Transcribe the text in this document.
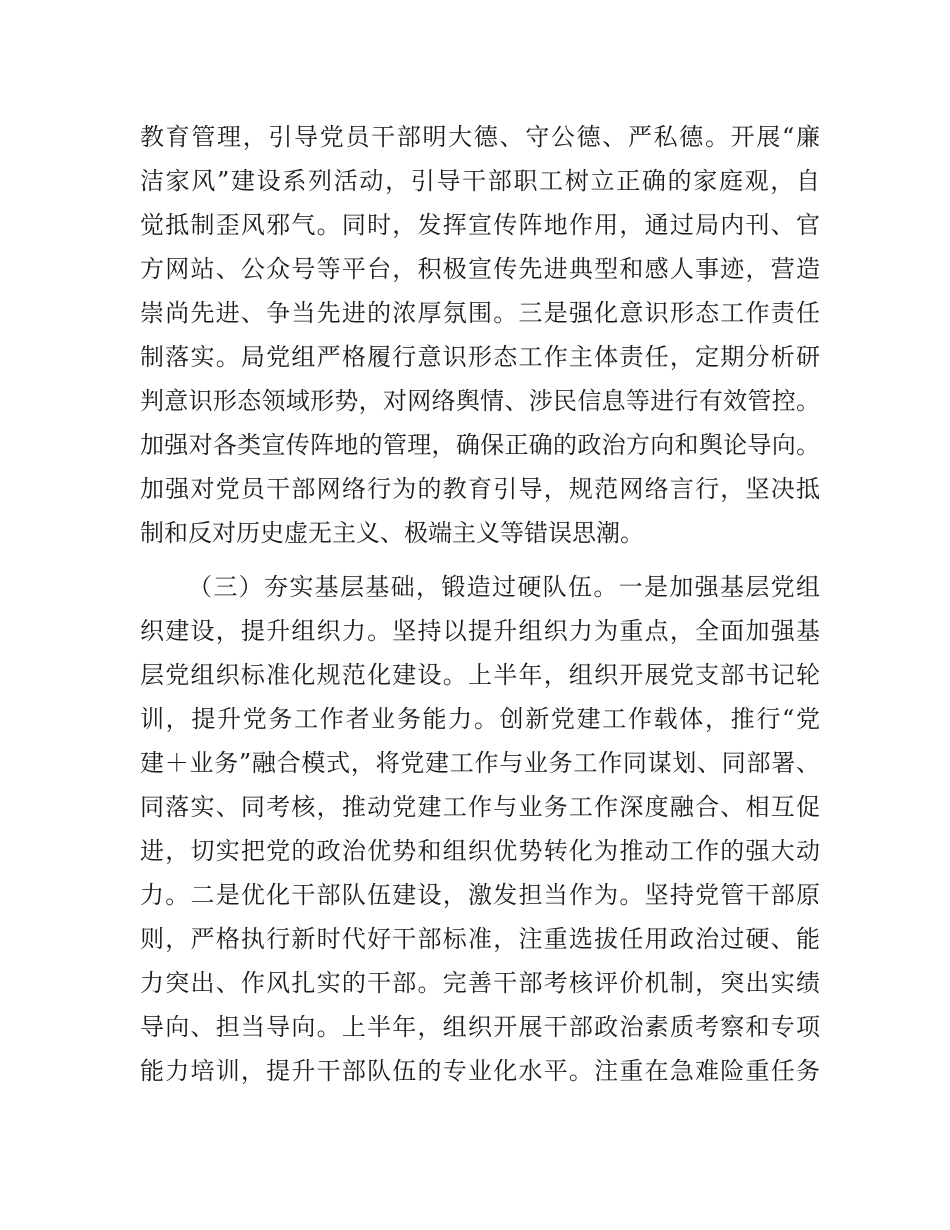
教育管理，引导党员干部明大德、守公德、严私德。开展“廉
洁家风”建设系列活动，引导干部职工树立正确的家庭观，自
觉抵制歪风邪气。同时，发挥宣传阵地作用，通过局内刊、官
方网站、公众号等平台，积极宣传先进典型和感人事迹，营造
崇尚先进、争当先进的浓厚氛围。三是强化意识形态工作责任
制落实。局党组严格履行意识形态工作主体责任，定期分析研
判意识形态领域形势，对网络舆情、涉民信息等进行有效管控。
加强对各类宣传阵地的管理，确保正确的政治方向和舆论导向。
加强对党员干部网络行为的教育引导，规范网络言行，坚决抵
制和反对历史虚无主义、极端主义等错误思潮。
（三）夯实基层基础，锻造过硬队伍。一是加强基层党组
织建设，提升组织力。坚持以提升组织力为重点，全面加强基
层党组织标准化规范化建设。上半年，组织开展党支部书记轮
训，提升党务工作者业务能力。创新党建工作载体，推行“党
建＋业务”融合模式，将党建工作与业务工作同谋划、同部署、
同落实、同考核，推动党建工作与业务工作深度融合、相互促
进，切实把党的政治优势和组织优势转化为推动工作的强大动
力。二是优化干部队伍建设，激发担当作为。坚持党管干部原
则，严格执行新时代好干部标准，注重选拔任用政治过硬、能
力突出、作风扎实的干部。完善干部考核评价机制，突出实绩
导向、担当导向。上半年，组织开展干部政治素质考察和专项
能力培训，提升干部队伍的专业化水平。注重在急难险重任务
